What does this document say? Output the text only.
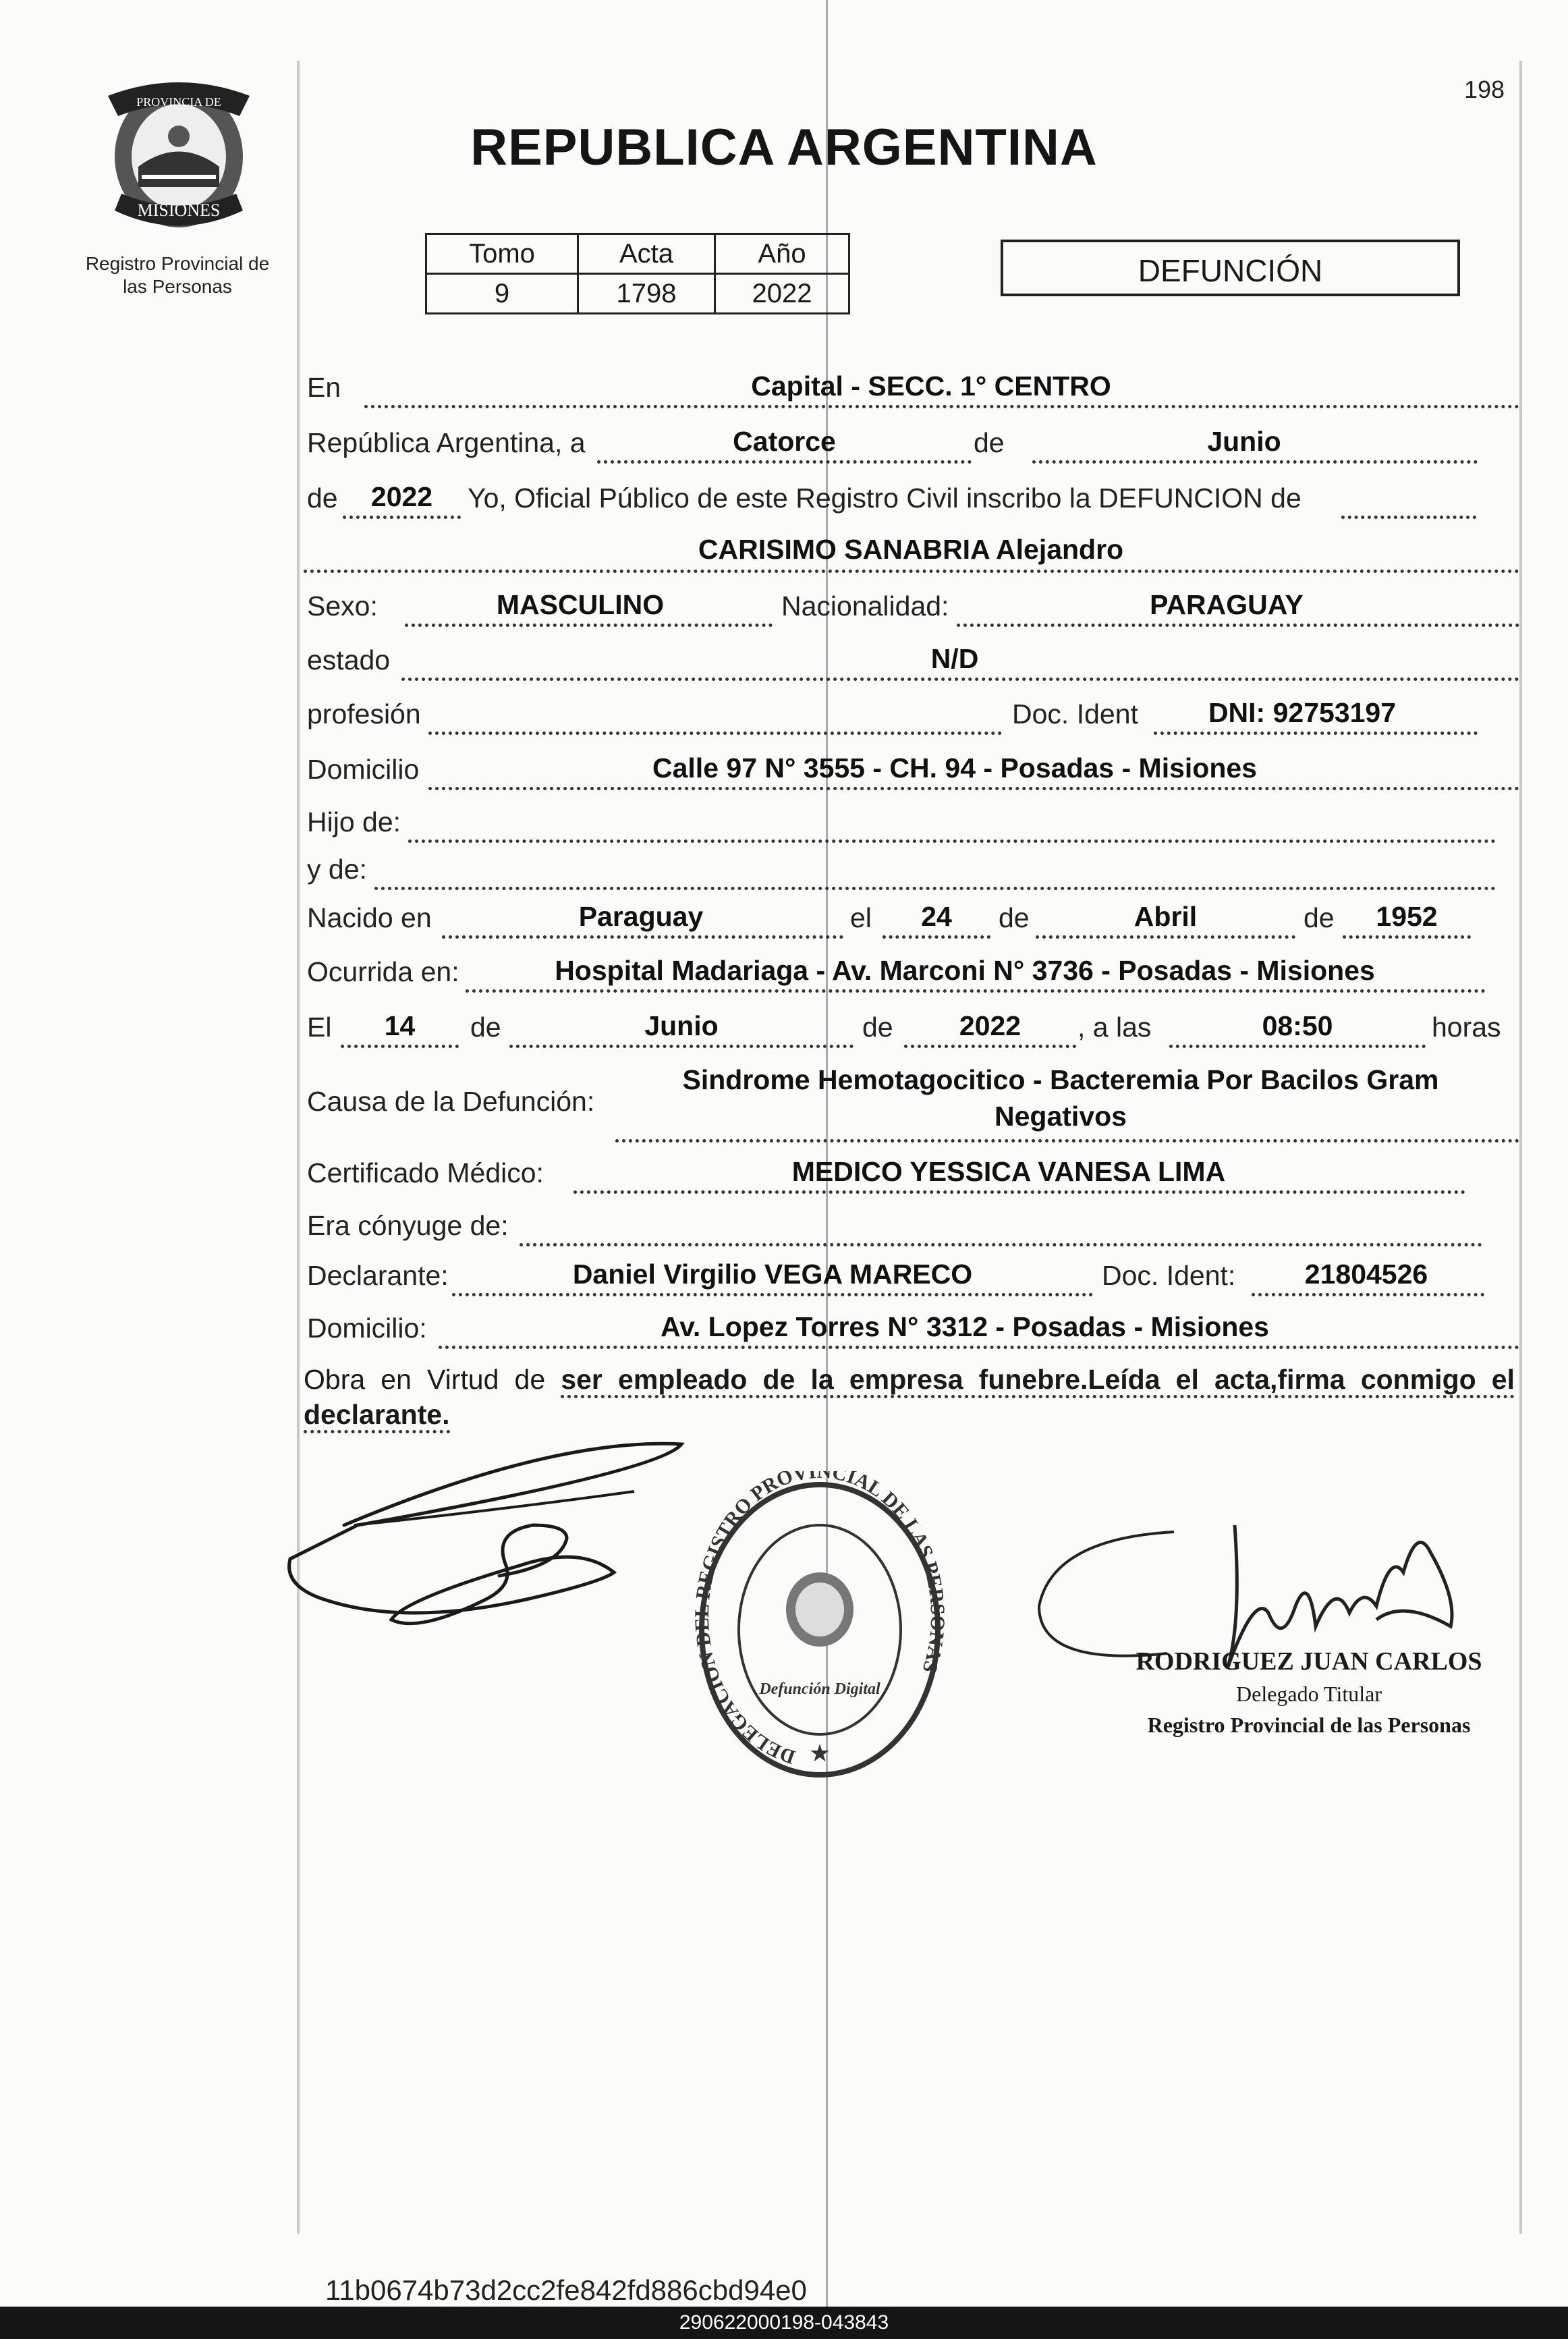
PROVINCIA DE
MISIONES
Registro Provincial de las Personas
198
REPUBLICA ARGENTINA
Tomo	Acta	Año
9	1798	2022
DEFUNCIÓN
En	Capital - SECC. 1° CENTRO
República Argentina, a	Catorce	de	Junio
de	2022	Yo, Oficial Público de este Registro Civil inscribo la DEFUNCION de
CARISIMO SANABRIA Alejandro
Sexo:	MASCULINO	Nacionalidad:	PARAGUAY
estado	N/D
profesión	Doc. Ident	DNI: 92753197
Domicilio	Calle 97 N° 3555 - CH. 94 - Posadas - Misiones
Hijo de:
y de:
Nacido en	Paraguay	el	24	de	Abril	de	1952
Ocurrida en:	Hospital Madariaga - Av. Marconi N° 3736 - Posadas - Misiones
El	14	de	Junio	de	2022	, a las	08:50	horas
Causa de la Defunción:
Sindrome Hemotagocitico - Bacteremia Por Bacilos Gram
Negativos
Certificado Médico:	MEDICO YESSICA VANESA LIMA
Era cónyuge de:
Declarante:	Daniel Virgilio VEGA MARECO	Doc. Ident:	21804526
Domicilio:	Av. Lopez Torres N° 3312 - Posadas - Misiones
Obra en Virtud de ser empleado de la empresa funebre.Leída el acta,firma conmigo el declarante.
DELEGACION EGISTRO PROVINCIAL DE LAS PE AS
Defunción Digital
★
RODRIGUEZ JUAN CARLOS
Delegado Titular
Registro Provincial de las Personas
11b0674b73d2cc2fe842fd886cbd94e0
290622000198-043843
